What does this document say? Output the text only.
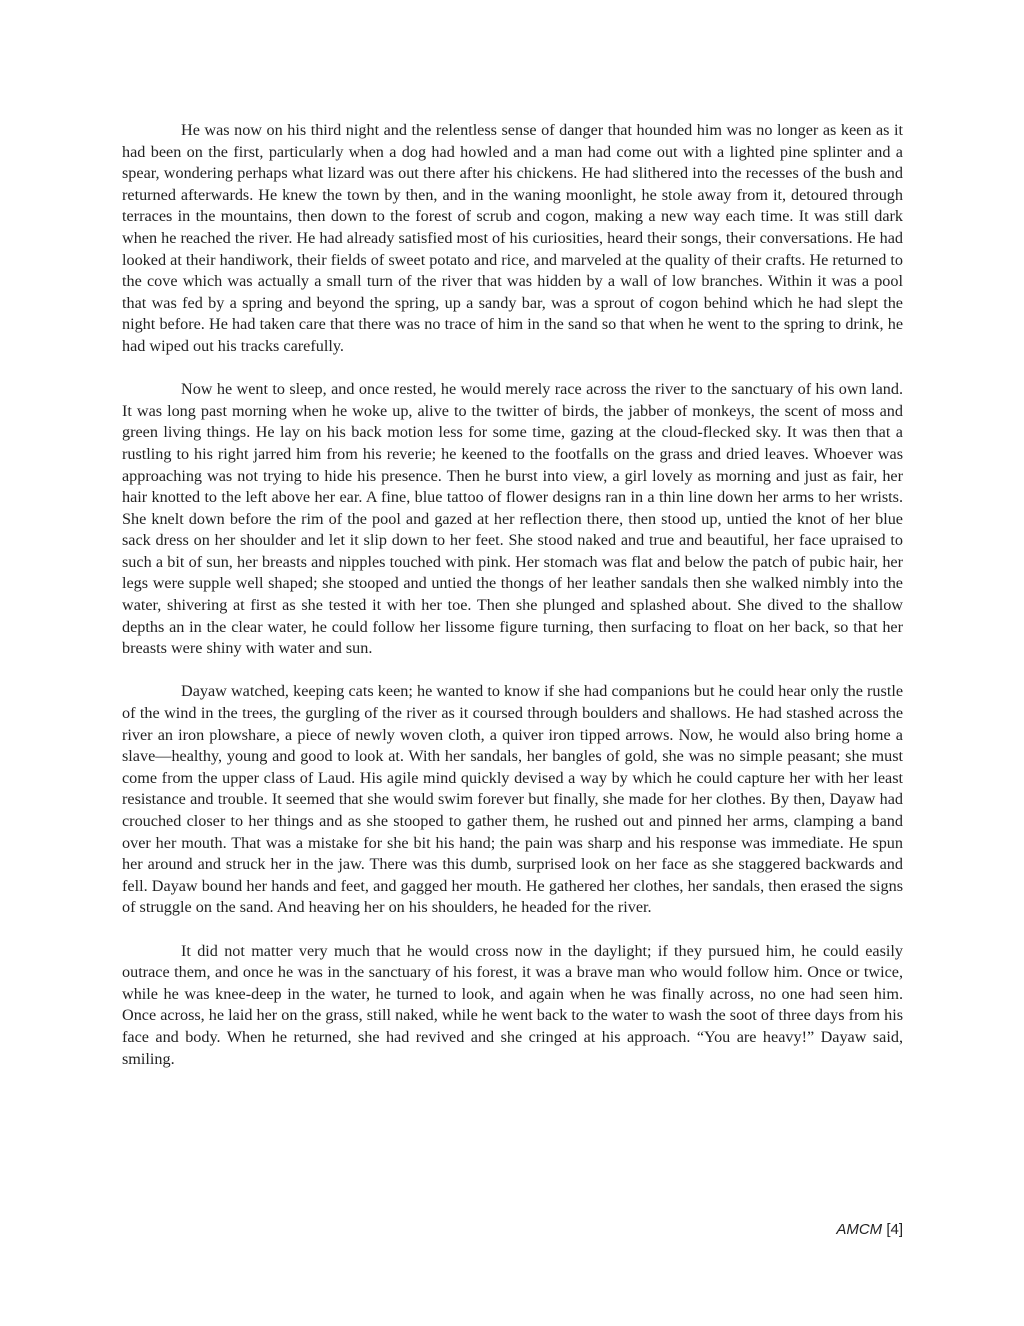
He was now on his third night and the relentless sense of danger that hounded him was no longer as keen as it had been on the first, particularly when a dog had howled and a man had come out with a lighted pine splinter and a spear, wondering perhaps what lizard was out there after his chickens. He had slithered into the recesses of the bush and returned afterwards. He knew the town by then, and in the waning moonlight, he stole away from it, detoured through terraces in the mountains, then down to the forest of scrub and cogon, making a new way each time. It was still dark when he reached the river. He had already satisfied most of his curiosities, heard their songs, their conversations. He had looked at their handiwork, their fields of sweet potato and rice, and marveled at the quality of their crafts. He returned to the cove which was actually a small turn of the river that was hidden by a wall of low branches. Within it was a pool that was fed by a spring and beyond the spring, up a sandy bar, was a sprout of cogon behind which he had slept the night before. He had taken care that there was no trace of him in the sand so that when he went to the spring to drink, he had wiped out his tracks carefully.

Now he went to sleep, and once rested, he would merely race across the river to the sanctuary of his own land. It was long past morning when he woke up, alive to the twitter of birds, the jabber of monkeys, the scent of moss and green living things. He lay on his back motion less for some time, gazing at the cloud-flecked sky. It was then that a rustling to his right jarred him from his reverie; he keened to the footfalls on the grass and dried leaves. Whoever was approaching was not trying to hide his presence. Then he burst into view, a girl lovely as morning and just as fair, her hair knotted to the left above her ear. A fine, blue tattoo of flower designs ran in a thin line down her arms to her wrists. She knelt down before the rim of the pool and gazed at her reflection there, then stood up, untied the knot of her blue sack dress on her shoulder and let it slip down to her feet. She stood naked and true and beautiful, her face upraised to such a bit of sun, her breasts and nipples touched with pink. Her stomach was flat and below the patch of pubic hair, her legs were supple well shaped; she stooped and untied the thongs of her leather sandals then she walked nimbly into the water, shivering at first as she tested it with her toe. Then she plunged and splashed about. She dived to the shallow depths an in the clear water, he could follow her lissome figure turning, then surfacing to float on her back, so that her breasts were shiny with water and sun.

Dayaw watched, keeping cats keen; he wanted to know if she had companions but he could hear only the rustle of the wind in the trees, the gurgling of the river as it coursed through boulders and shallows. He had stashed across the river an iron plowshare, a piece of newly woven cloth, a quiver iron tipped arrows. Now, he would also bring home a slave—healthy, young and good to look at. With her sandals, her bangles of gold, she was no simple peasant; she must come from the upper class of Laud. His agile mind quickly devised a way by which he could capture her with her least resistance and trouble. It seemed that she would swim forever but finally, she made for her clothes. By then, Dayaw had crouched closer to her things and as she stooped to gather them, he rushed out and pinned her arms, clamping a band over her mouth. That was a mistake for she bit his hand; the pain was sharp and his response was immediate. He spun her around and struck her in the jaw. There was this dumb, surprised look on her face as she staggered backwards and fell. Dayaw bound her hands and feet, and gagged her mouth. He gathered her clothes, her sandals, then erased the signs of struggle on the sand. And heaving her on his shoulders, he headed for the river.

It did not matter very much that he would cross now in the daylight; if they pursued him, he could easily outrace them, and once he was in the sanctuary of his forest, it was a brave man who would follow him. Once or twice, while he was knee-deep in the water, he turned to look, and again when he was finally across, no one had seen him. Once across, he laid her on the grass, still naked, while he went back to the water to wash the soot of three days from his face and body. When he returned, she had revived and she cringed at his approach. “You are heavy!” Dayaw said, smiling.

AMCM [4]
